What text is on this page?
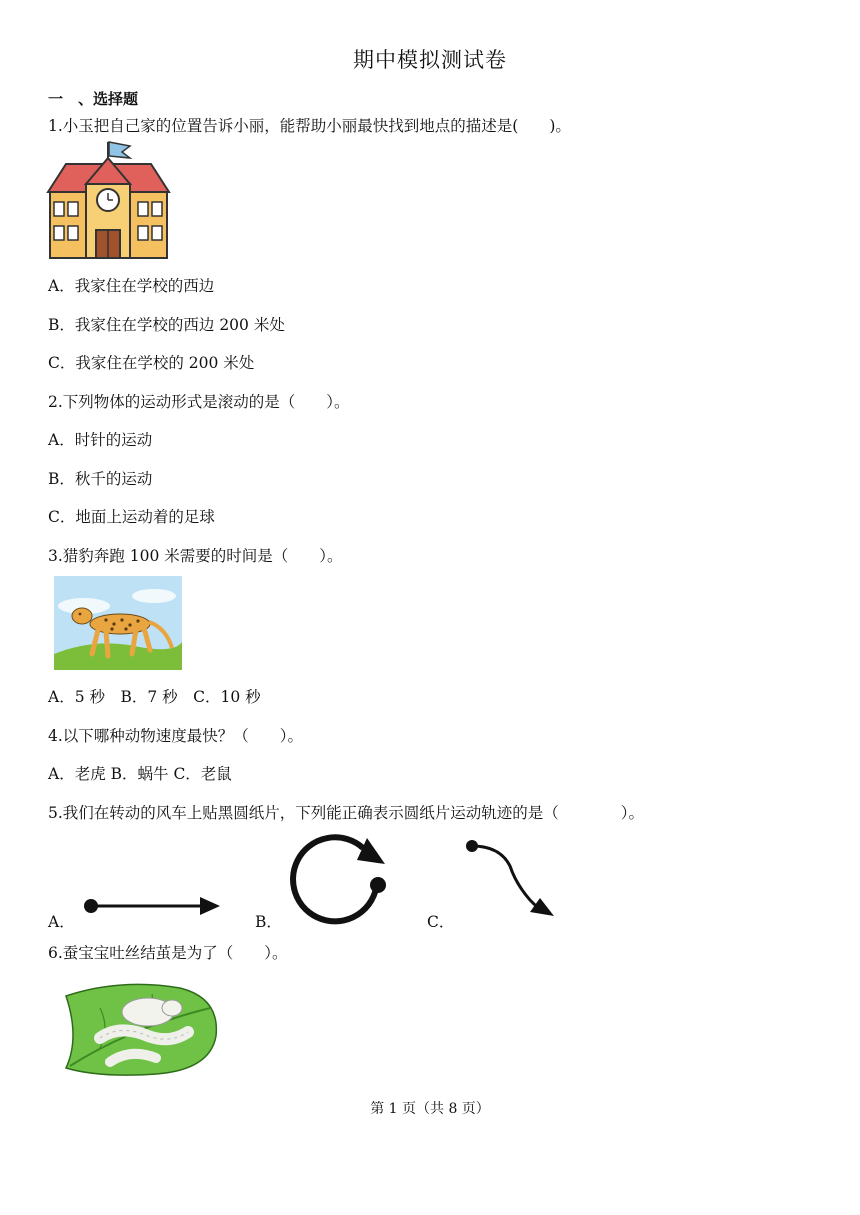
期中模拟测试卷
一　、选择题
1.小玉把自己家的位置告诉小丽，能帮助小丽最快找到地点的描述是(　　)。
A．我家住在学校的西边
B．我家住在学校的西边 200 米处
C．我家住在学校的 200 米处
2.下列物体的运动形式是滚动的是（　　）。
A．时针的运动
B．秋千的运动
C．地面上运动着的足球
3.猎豹奔跑 100 米需要的时间是（　　）。
A．5 秒　B．7 秒　C．10 秒
4.以下哪种动物速度最快？（　　）。
A．老虎 B．蜗牛 C．老鼠
5.我们在转动的风车上贴黑圆纸片，下列能正确表示圆纸片运动轨迹的是（　　　　）。
A．	B．	C．
6.蚕宝宝吐丝结茧是为了（　　）。
第 1 页（共 8 页）
